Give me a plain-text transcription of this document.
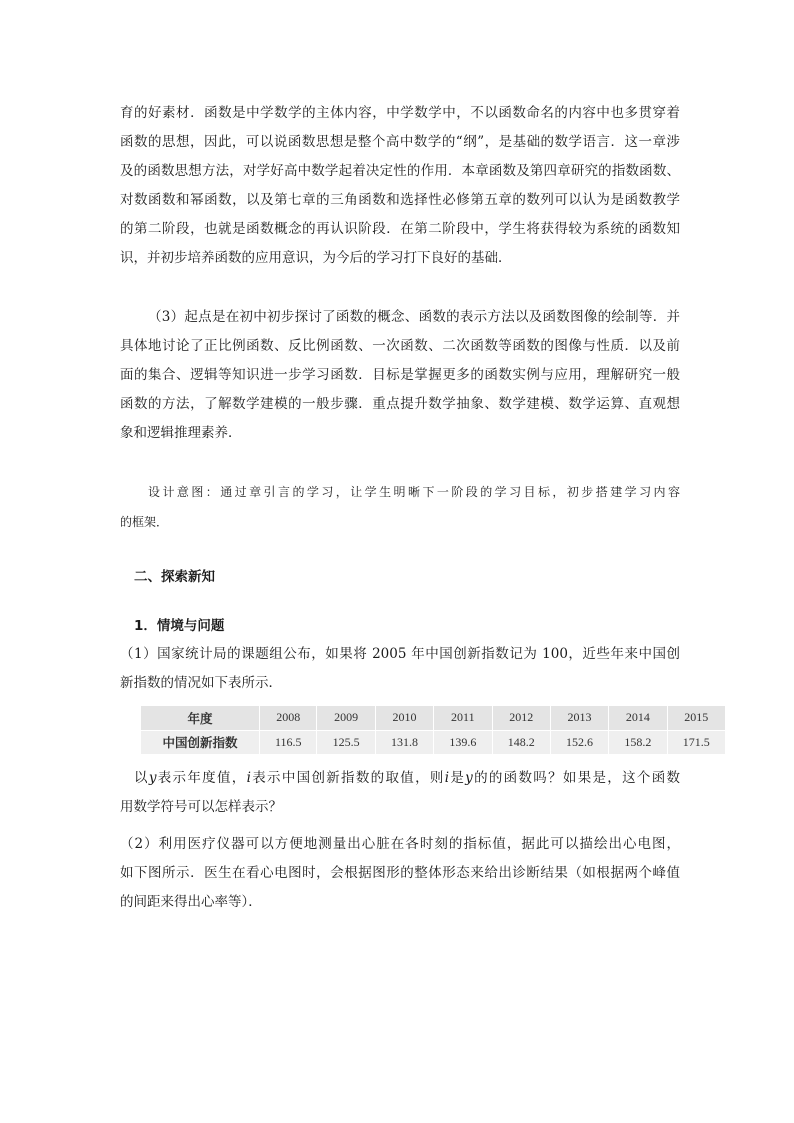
育的好素材．函数是中学数学的主体内容，中学数学中，不以函数命名的内容中也多贯穿着
函数的思想，因此，可以说函数思想是整个高中数学的“纲”，是基础的数学语言．这一章涉
及的函数思想方法，对学好高中数学起着决定性的作用．本章函数及第四章研究的指数函数、
对数函数和幂函数，以及第七章的三角函数和选择性必修第五章的数列可以认为是函数教学
的第二阶段，也就是函数概念的再认识阶段．在第二阶段中，学生将获得较为系统的函数知
识，并初步培养函数的应用意识，为今后的学习打下良好的基础．
（3）起点是在初中初步探讨了函数的概念、函数的表示方法以及函数图像的绘制等．并
具体地讨论了正比例函数、反比例函数、一次函数、二次函数等函数的图像与性质．以及前
面的集合、逻辑等知识进一步学习函数．目标是掌握更多的函数实例与应用，理解研究一般
函数的方法，了解数学建模的一般步骤．重点提升数学抽象、数学建模、数学运算、直观想
象和逻辑推理素养．
设计意图：通过章引言的学习，让学生明晰下一阶段的学习目标，初步搭建学习内容
的框架．
二、探索新知
1．情境与问题
（1）国家统计局的课题组公布，如果将 2005 年中国创新指数记为 100，近些年来中国创
新指数的情况如下表所示．
年度	2008	2009	2010	2011	2012	2013	2014	2015
中国创新指数	116.5	125.5	131.8	139.6	148.2	152.6	158.2	171.5
以y表示年度值，i表示中国创新指数的取值，则i是y的的函数吗？如果是，这个函数
用数学符号可以怎样表示？
（2）利用医疗仪器可以方便地测量出心脏在各时刻的指标值，据此可以描绘出心电图，
如下图所示．医生在看心电图时，会根据图形的整体形态来给出诊断结果（如根据两个峰值
的间距来得出心率等）．
